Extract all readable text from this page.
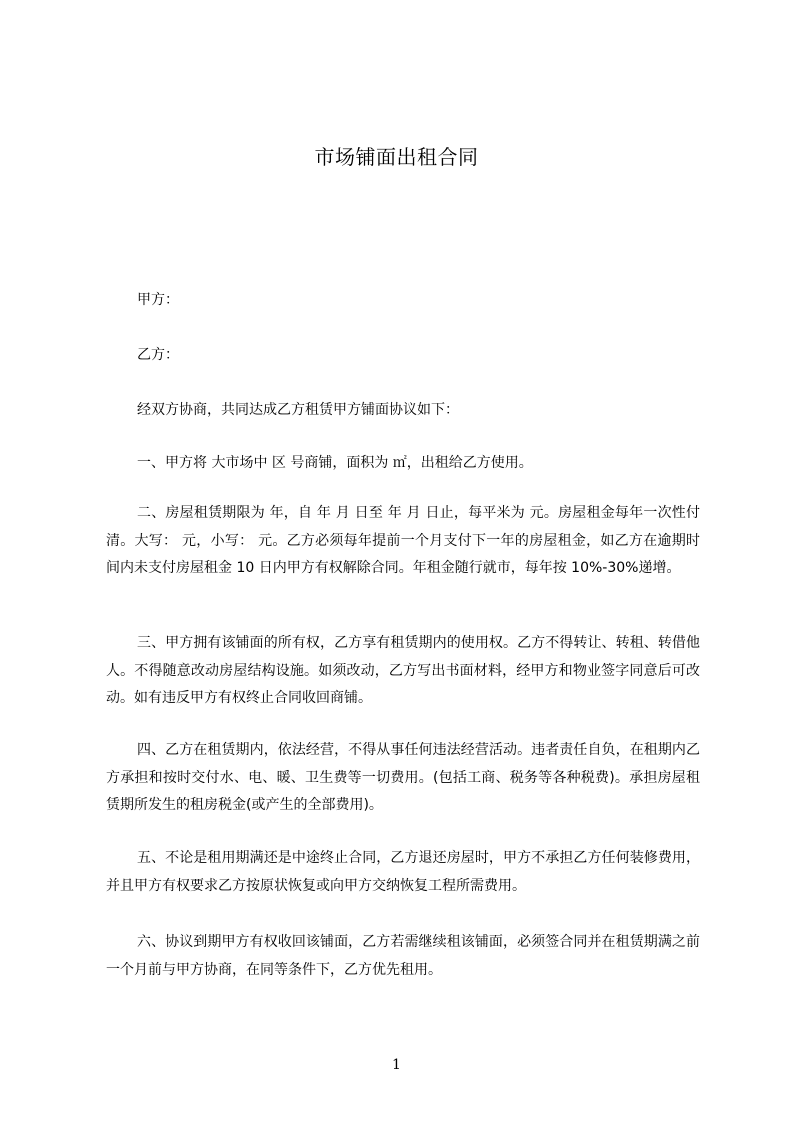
市场铺面出租合同
甲方：
乙方：
经双方协商，共同达成乙方租赁甲方铺面协议如下：
一、甲方将 大市场中 区 号商铺，面积为 ㎡，出租给乙方使用。
二、房屋租赁期限为 年，自 年 月 日至 年 月 日止，每平米为 元。房屋租金每年一次性付清。大写： 元，小写： 元。乙方必须每年提前一个月支付下一年的房屋租金，如乙方在逾期时间内未支付房屋租金 10 日内甲方有权解除合同。年租金随行就市，每年按 10%-30%递增。
三、甲方拥有该铺面的所有权，乙方享有租赁期内的使用权。乙方不得转让、转租、转借他人。不得随意改动房屋结构设施。如须改动，乙方写出书面材料，经甲方和物业签字同意后可改动。如有违反甲方有权终止合同收回商铺。
四、乙方在租赁期内，依法经营，不得从事任何违法经营活动。违者责任自负，在租期内乙方承担和按时交付水、电、暖、卫生费等一切费用。(包括工商、税务等各种税费)。承担房屋租赁期所发生的租房税金(或产生的全部费用)。
五、不论是租用期满还是中途终止合同，乙方退还房屋时，甲方不承担乙方任何装修费用，并且甲方有权要求乙方按原状恢复或向甲方交纳恢复工程所需费用。
六、协议到期甲方有权收回该铺面，乙方若需继续租该铺面，必须签合同并在租赁期满之前一个月前与甲方协商，在同等条件下，乙方优先租用。
1
